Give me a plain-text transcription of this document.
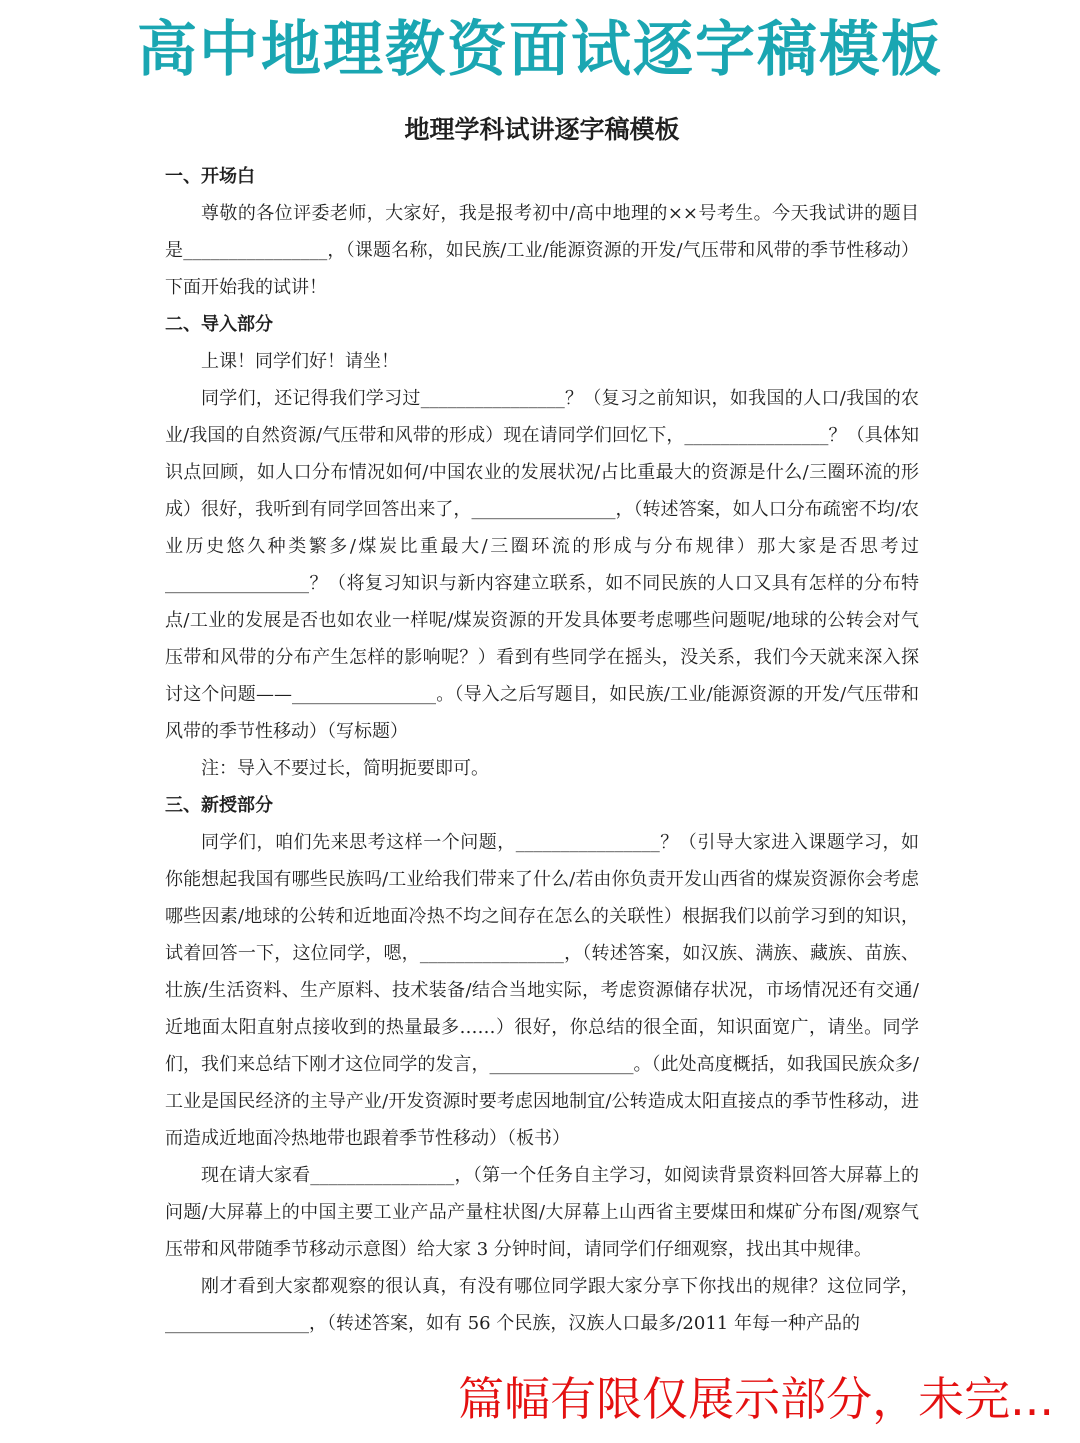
高中地理教资面试逐字稿模板
地理学科试讲逐字稿模板
一、开场白

尊敬的各位评委老师，大家好，我是报考初中/高中地理的××号考生。今天我试讲的题目是________________，（课题名称，如民族/工业/能源资源的开发/气压带和风带的季节性移动）下面开始我的试讲！

二、导入部分

上课！同学们好！请坐！

同学们，还记得我们学习过________________？（复习之前知识，如我国的人口/我国的农业/我国的自然资源/气压带和风带的形成）现在请同学们回忆下，________________？（具体知识点回顾，如人口分布情况如何/中国农业的发展状况/占比重最大的资源是什么/三圈环流的形成）很好，我听到有同学回答出来了，________________，（转述答案，如人口分布疏密不均/农业历史悠久种类繁多/煤炭比重最大/三圈环流的形成与分布规律）那大家是否思考过________________？（将复习知识与新内容建立联系，如不同民族的人口又具有怎样的分布特点/工业的发展是否也如农业一样呢/煤炭资源的开发具体要考虑哪些问题呢/地球的公转会对气压带和风带的分布产生怎样的影响呢？）看到有些同学在摇头，没关系，我们今天就来深入探讨这个问题——________________。（导入之后写题目，如民族/工业/能源资源的开发/气压带和风带的季节性移动）（写标题）

注：导入不要过长，简明扼要即可。

三、新授部分

同学们，咱们先来思考这样一个问题，________________？（引导大家进入课题学习，如你能想起我国有哪些民族吗/工业给我们带来了什么/若由你负责开发山西省的煤炭资源你会考虑哪些因素/地球的公转和近地面冷热不均之间存在怎么的关联性）根据我们以前学习到的知识，试着回答一下，这位同学，嗯，________________，（转述答案，如汉族、满族、藏族、苗族、壮族/生活资料、生产原料、技术装备/结合当地实际，考虑资源储存状况，市场情况还有交通/近地面太阳直射点接收到的热量最多……）很好，你总结的很全面，知识面宽广，请坐。同学们，我们来总结下刚才这位同学的发言，________________。（此处高度概括，如我国民族众多/工业是国民经济的主导产业/开发资源时要考虑因地制宜/公转造成太阳直接点的季节性移动，进而造成近地面冷热地带也跟着季节性移动）（板书）

现在请大家看________________，（第一个任务自主学习，如阅读背景资料回答大屏幕上的问题/大屏幕上的中国主要工业产品产量柱状图/大屏幕上山西省主要煤田和煤矿分布图/观察气压带和风带随季节移动示意图）给大家 3 分钟时间，请同学们仔细观察，找出其中规律。

刚才看到大家都观察的很认真，有没有哪位同学跟大家分享下你找出的规律？这位同学，________________，（转述答案，如有 56 个民族，汉族人口最多/2011 年每一种产品的

篇幅有限仅展示部分，未完...
